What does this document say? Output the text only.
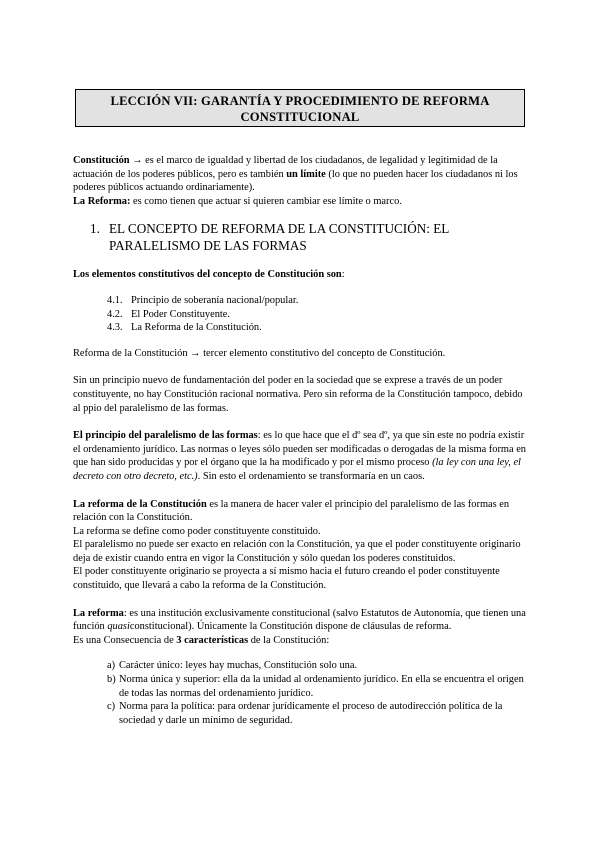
LECCIÓN VII: GARANTÍA Y PROCEDIMIENTO DE REFORMA
CONSTITUCIONAL

Constitución → es el marco de igualdad y libertad de los ciudadanos, de legalidad y legitimidad de la actuación de los poderes públicos, pero es también un límite (lo que no pueden hacer los ciudadanos ni los poderes públicos actuando ordinariamente).

La Reforma: es como tienen que actuar si quieren cambiar ese límite o marco.

1. EL CONCEPTO DE REFORMA DE LA CONSTITUCIÓN: EL PARALELISMO DE LAS FORMAS

Los elementos constitutivos del concepto de Constitución son:

4.1. Principio de soberanía nacional/popular.
4.2. El Poder Constituyente.
4.3. La Reforma de la Constitución.

Reforma de la Constitución → tercer elemento constitutivo del concepto de Constitución.

Sin un principio nuevo de fundamentación del poder en la sociedad que se exprese a través de un poder constituyente, no hay Constitución racional normativa. Pero sin reforma de la Constitución tampoco, debido al ppio del paralelismo de las formas.

El principio del paralelismo de las formas: es lo que hace que el dº sea dº, ya que sin este no podría existir el ordenamiento jurídico. Las normas o leyes sólo pueden ser modificadas o derogadas de la misma forma en que han sido producidas y por el órgano que la ha modificado y por el mismo proceso (la ley con una ley, el decreto con otro decreto, etc.). Sin esto el ordenamiento se transformaría en un caos.

La reforma de la Constitución es la manera de hacer valer el principio del paralelismo de las formas en relación con la Constitución.

La reforma se define como poder constituyente constituido.

El paralelismo no puede ser exacto en relación con la Constitución, ya que el poder constituyente originario deja de existir cuando entra en vigor la Constitución y sólo quedan los poderes constituidos.

El poder constituyente originario se proyecta a sí mismo hacia el futuro creando el poder constituyente constituido, que llevará a cabo la reforma de la Constitución.

La reforma: es una institución exclusivamente constitucional (salvo Estatutos de Autonomía, que tienen una función quasiconstitucional). Únicamente la Constitución dispone de cláusulas de reforma.

Es una Consecuencia de 3 características de la Constitución:

a) Carácter único: leyes hay muchas, Constitución solo una.
b) Norma única y superior: ella da la unidad al ordenamiento jurídico. En ella se encuentra el origen de todas las normas del ordenamiento jurídico.
c) Norma para la política: para ordenar jurídicamente el proceso de autodirección política de la sociedad y darle un mínimo de seguridad.
